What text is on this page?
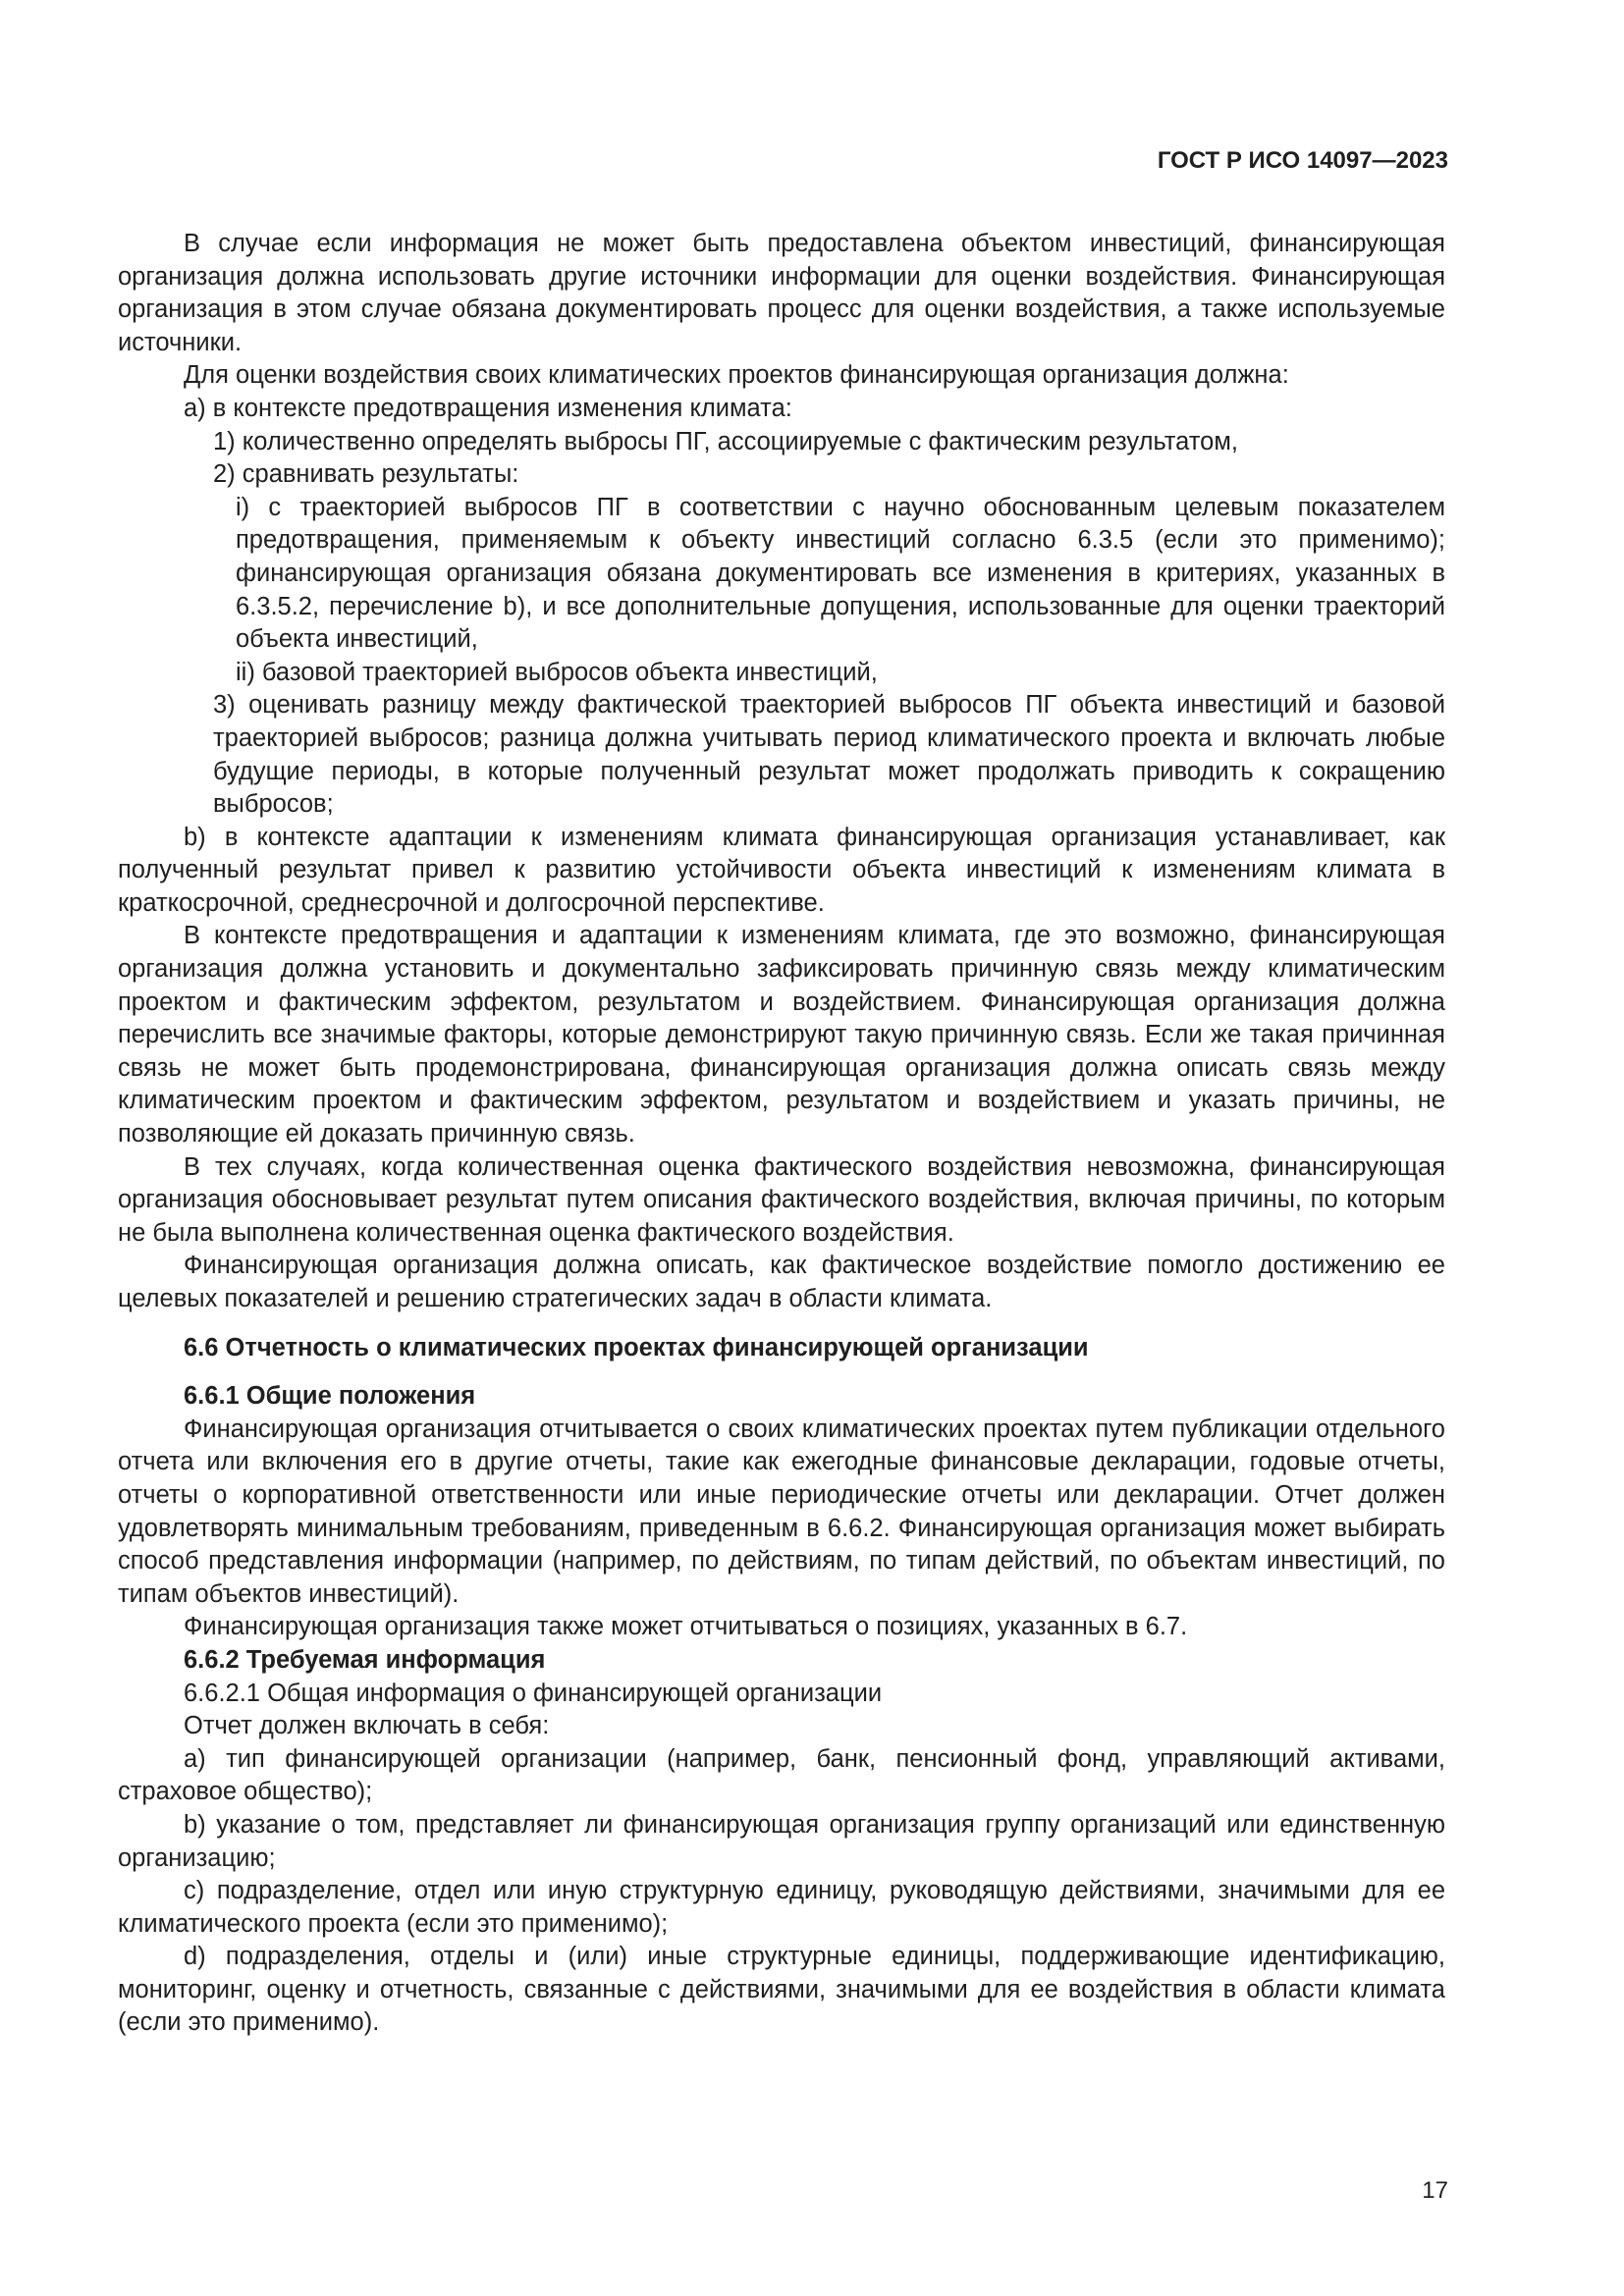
ГОСТ Р ИСО 14097—2023

В случае если информация не может быть предоставлена объектом инвестиций, финансирующая организация должна использовать другие источники информации для оценки воздействия. Финансирующая организация в этом случае обязана документировать процесс для оценки воздействия, а также используемые источники.

Для оценки воздействия своих климатических проектов финансирующая организация должна:

а) в контексте предотвращения изменения климата:

1) количественно определять выбросы ПГ, ассоциируемые с фактическим результатом,

2) сравнивать результаты:

i) с траекторией выбросов ПГ в соответствии с научно обоснованным целевым показателем предотвращения, применяемым к объекту инвестиций согласно 6.3.5 (если это применимо); финансирующая организация обязана документировать все изменения в критериях, указанных в 6.3.5.2, перечисление b), и все дополнительные допущения, использованные для оценки траекторий объекта инвестиций,

ii) базовой траекторией выбросов объекта инвестиций,

3) оценивать разницу между фактической траекторией выбросов ПГ объекта инвестиций и базовой траекторией выбросов; разница должна учитывать период климатического проекта и включать любые будущие периоды, в которые полученный результат может продолжать приводить к сокращению выбросов;

b) в контексте адаптации к изменениям климата финансирующая организация устанавливает, как полученный результат привел к развитию устойчивости объекта инвестиций к изменениям климата в краткосрочной, среднесрочной и долгосрочной перспективе.

В контексте предотвращения и адаптации к изменениям климата, где это возможно, финансирующая организация должна установить и документально зафиксировать причинную связь между климатическим проектом и фактическим эффектом, результатом и воздействием. Финансирующая организация должна перечислить все значимые факторы, которые демонстрируют такую причинную связь. Если же такая причинная связь не может быть продемонстрирована, финансирующая организация должна описать связь между климатическим проектом и фактическим эффектом, результатом и воздействием и указать причины, не позволяющие ей доказать причинную связь.

В тех случаях, когда количественная оценка фактического воздействия невозможна, финансирующая организация обосновывает результат путем описания фактического воздействия, включая причины, по которым не была выполнена количественная оценка фактического воздействия.

Финансирующая организация должна описать, как фактическое воздействие помогло достижению ее целевых показателей и решению стратегических задач в области климата.

6.6 Отчетность о климатических проектах финансирующей организации

6.6.1 Общие положения

Финансирующая организация отчитывается о своих климатических проектах путем публикации отдельного отчета или включения его в другие отчеты, такие как ежегодные финансовые декларации, годовые отчеты, отчеты о корпоративной ответственности или иные периодические отчеты или декларации. Отчет должен удовлетворять минимальным требованиям, приведенным в 6.6.2. Финансирующая организация может выбирать способ представления информации (например, по действиям, по типам действий, по объектам инвестиций, по типам объектов инвестиций).

Финансирующая организация также может отчитываться о позициях, указанных в 6.7.

6.6.2 Требуемая информация

6.6.2.1 Общая информация о финансирующей организации

Отчет должен включать в себя:

а) тип финансирующей организации (например, банк, пенсионный фонд, управляющий активами, страховое общество);

b) указание о том, представляет ли финансирующая организация группу организаций или единственную организацию;

c) подразделение, отдел или иную структурную единицу, руководящую действиями, значимыми для ее климатического проекта (если это применимо);

d) подразделения, отделы и (или) иные структурные единицы, поддерживающие идентификацию, мониторинг, оценку и отчетность, связанные с действиями, значимыми для ее воздействия в области климата (если это применимо).

17
